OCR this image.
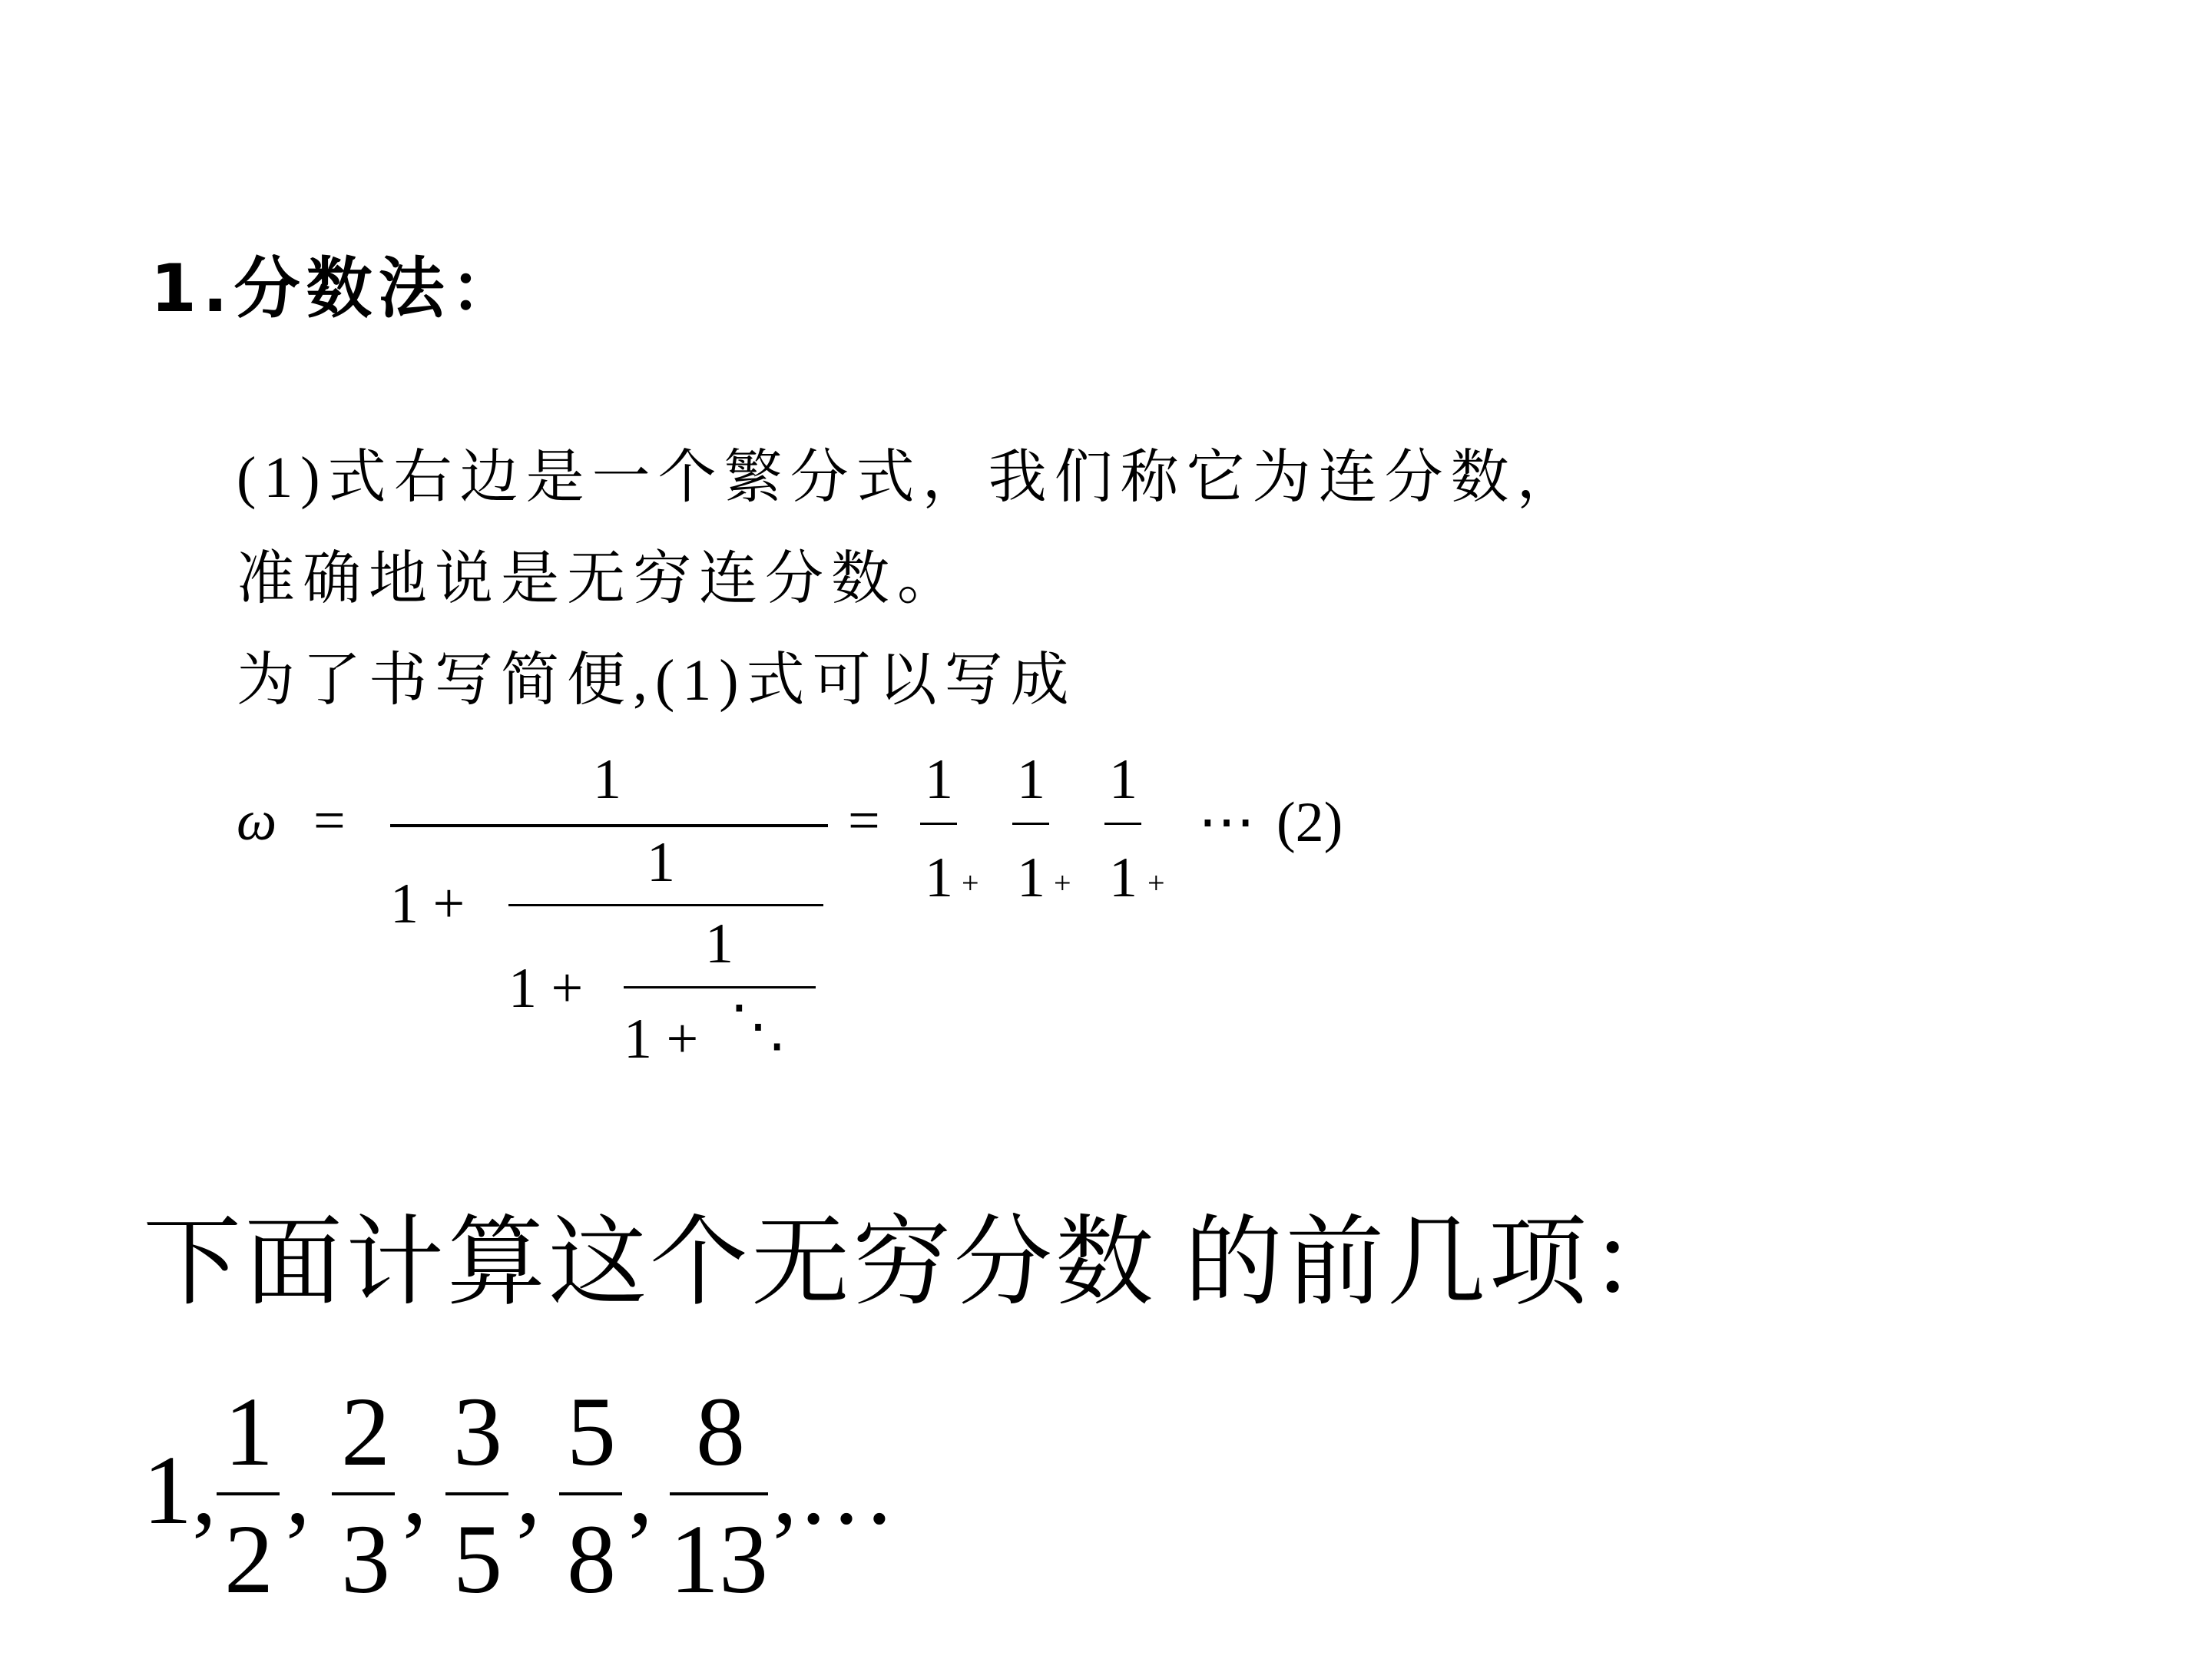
1.分数法：
(1)式右边是一个繁分式，我们称它为连分数，
准确地说是无穷连分数。
为了书写简便,(1)式可以写成
ω =
1
1 +
1
1 +
1
1 + ⋱
=
1
1 +
1
1 +
1
1 +
⋯ (2)
下面计算这个无穷分数 的前几项：
1,
1
2
,
2
3
,
3
5
,
5
8
,
8
13
,…
